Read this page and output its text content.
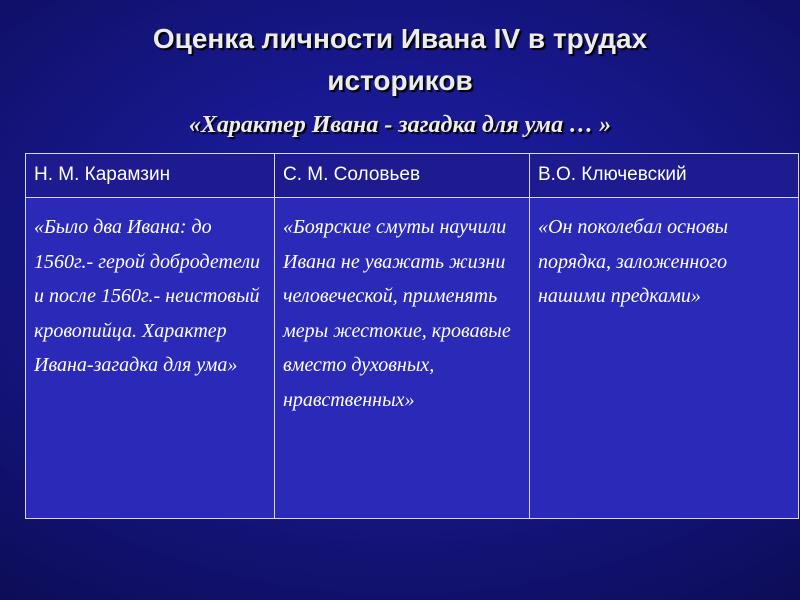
Оценка личности Ивана IV в трудах
историков
«Характер Ивана - загадка для ума … »
Н. М. Карамзин	С. М. Соловьев	В.О. Ключевский
«Было два Ивана: до 1560г.- герой добродетели и после 1560г.- неистовый кровопийца. Характер Ивана-загадка для ума»	«Боярские смуты научили Ивана не уважать жизни человеческой, применять меры жестокие, кровавые вместо духовных, нравственных»	«Он поколебал основы порядка, заложенного нашими предками»
